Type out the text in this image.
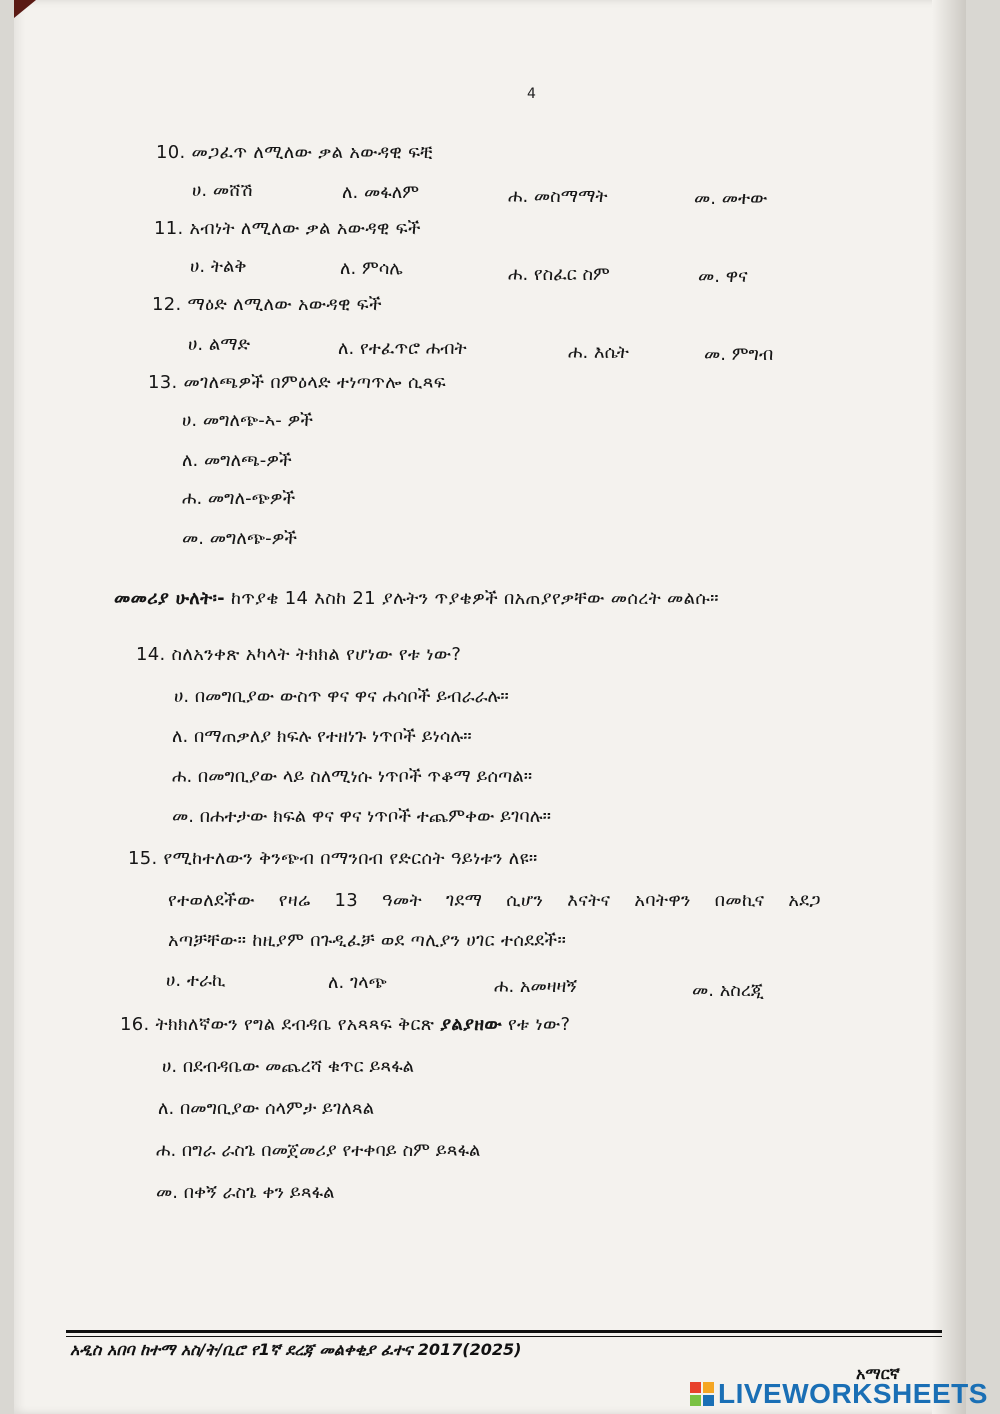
4
10. መጋፈጥ ለሚለው ቃል አውዳዊ ፍቺ
ሀ. መሸሽ	ለ. መፋለም	ሐ. መስማማት	መ. መተው
11. አብነት ለሚለው ቃል አውዳዊ ፍች
ሀ. ትልቅ	ለ. ምሳሌ	ሐ. የስፈር ስም	መ. ዋና
12. ማዕድ ለሚለው አውዳዊ ፍች
ሀ. ልማድ	ለ. የተፈጥሮ ሐብት	ሐ. እሴት	መ. ምግብ
13. መገለጫዎች በምዕላድ ተነጣጥሎ ሲጻፍ
ሀ. መግለጭ-ኣ- ዎች
ለ. መግለጫ-ዎች
ሐ. መግለ-ጭዎች
መ. መግለጭ-ዎች
መመሪያ ሁለት፡- ከጥያቄ 14 እስከ 21 ያሉትን ጥያቄዎች በአጠያየቃቸው መሰረት መልሱ።
14. ስለአንቀጽ አካላት ትክክል የሆነው የቱ ነው?
ሀ. በመግቢያው ውስጥ ዋና ዋና ሐሳቦች ይብራራሉ።
ለ. በማጠቃለያ ክፍሉ የተዘነጉ ነጥቦች ይነሳሉ።
ሐ. በመግቢያው ላይ ስለሚነሱ ነጥቦች ጥቆማ ይሰጣል።
መ. በሐተታው ክፍል ዋና ዋና ነጥቦች ተጨምቀው ይገባሉ።
15. የሚከተለውን ቅንጭብ በማንበብ የድርሰት ዓይነቱን ለዩ።
የተወለደችው የዛሬ 13 ዓመት ገደማ ሲሆን እናትና አባትዋን በመኪና አደጋ
አጣቻቸው። ከዚያም በጉዲፈቻ ወደ ጣሊያን ሀገር ተሰደደች።
ሀ. ተራኪ	ለ. ገላጭ	ሐ. አመዛዛኝ	መ. አስረጂ
16. ትክክለኛውን የግል ደብዳቤ የአጻጻፍ ቅርጽ ያልያዘው የቱ ነው?
ሀ. በደብዳቤው መጨረሻ ቁጥር ይጻፋል
ለ. በመግቢያው ሰላምታ ይገለጻል
ሐ. በግራ ራስጌ በመጀመሪያ የተቀባይ ስም ይጻፋል
መ. በቀኝ ራስጌ ቀን ይጻፋል
አዲስ አበባ ከተማ አስ/ት/ቢሮ የ1ኛ ደረጃ መልቀቂያ ፈተና 2017(2025)
አማርኛ
LIVEWORKSHEETS
